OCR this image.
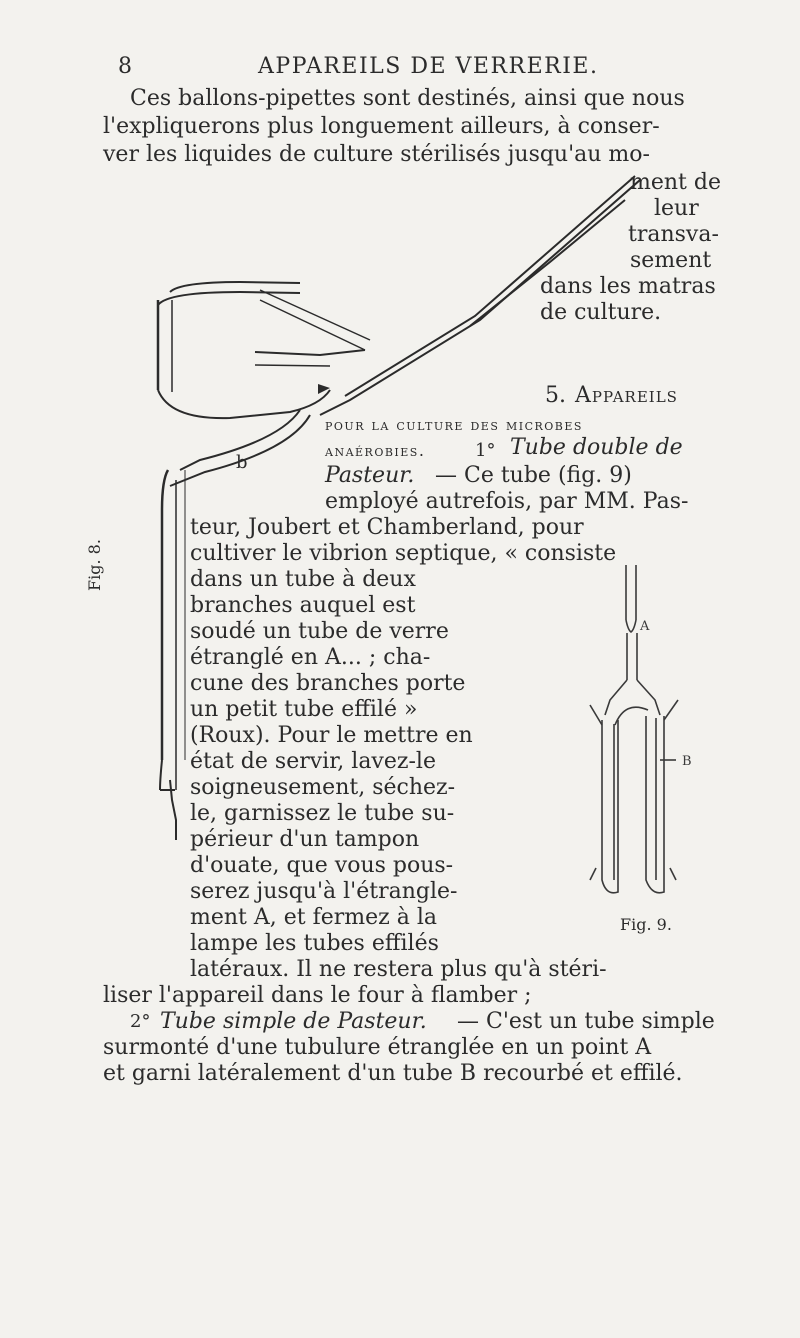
8	APPAREILS DE VERRERIE.
Ces ballons-pipettes sont destinés, ainsi que nous
l'expliquerons plus longuement ailleurs, à conser-
ver les liquides de culture stérilisés jusqu'au mo-
ment de
leur
transva-
sement
dans les matras
de culture.
b
Fig. 8.
5. Appareils
pour la culture des microbes
anaérobies.	1° Tube double de
Pasteur. — Ce tube (fig. 9)
employé autrefois, par MM. Pas-
teur, Joubert et Chamberland, pour
cultiver le vibrion septique, « consiste
dans un tube à deux
branches auquel est
soudé un tube de verre
étranglé en A... ; cha-
cune des branches porte
un petit tube effilé »
(Roux). Pour le mettre en
état de servir, lavez-le
soigneusement, séchez-
le, garnissez le tube su-
périeur d'un tampon
d'ouate, que vous pous-
serez jusqu'à l'étrangle-
ment A, et fermez à la
lampe les tubes effilés
latéraux. Il ne restera plus qu'à stéri-
liser l'appareil dans le four à flamber ;
2° Tube simple de Pasteur. — C'est un tube simple
surmonté d'une tubulure étranglée en un point A
et garni latéralement d'un tube B recourbé et effilé.
A
B
Fig. 9.
